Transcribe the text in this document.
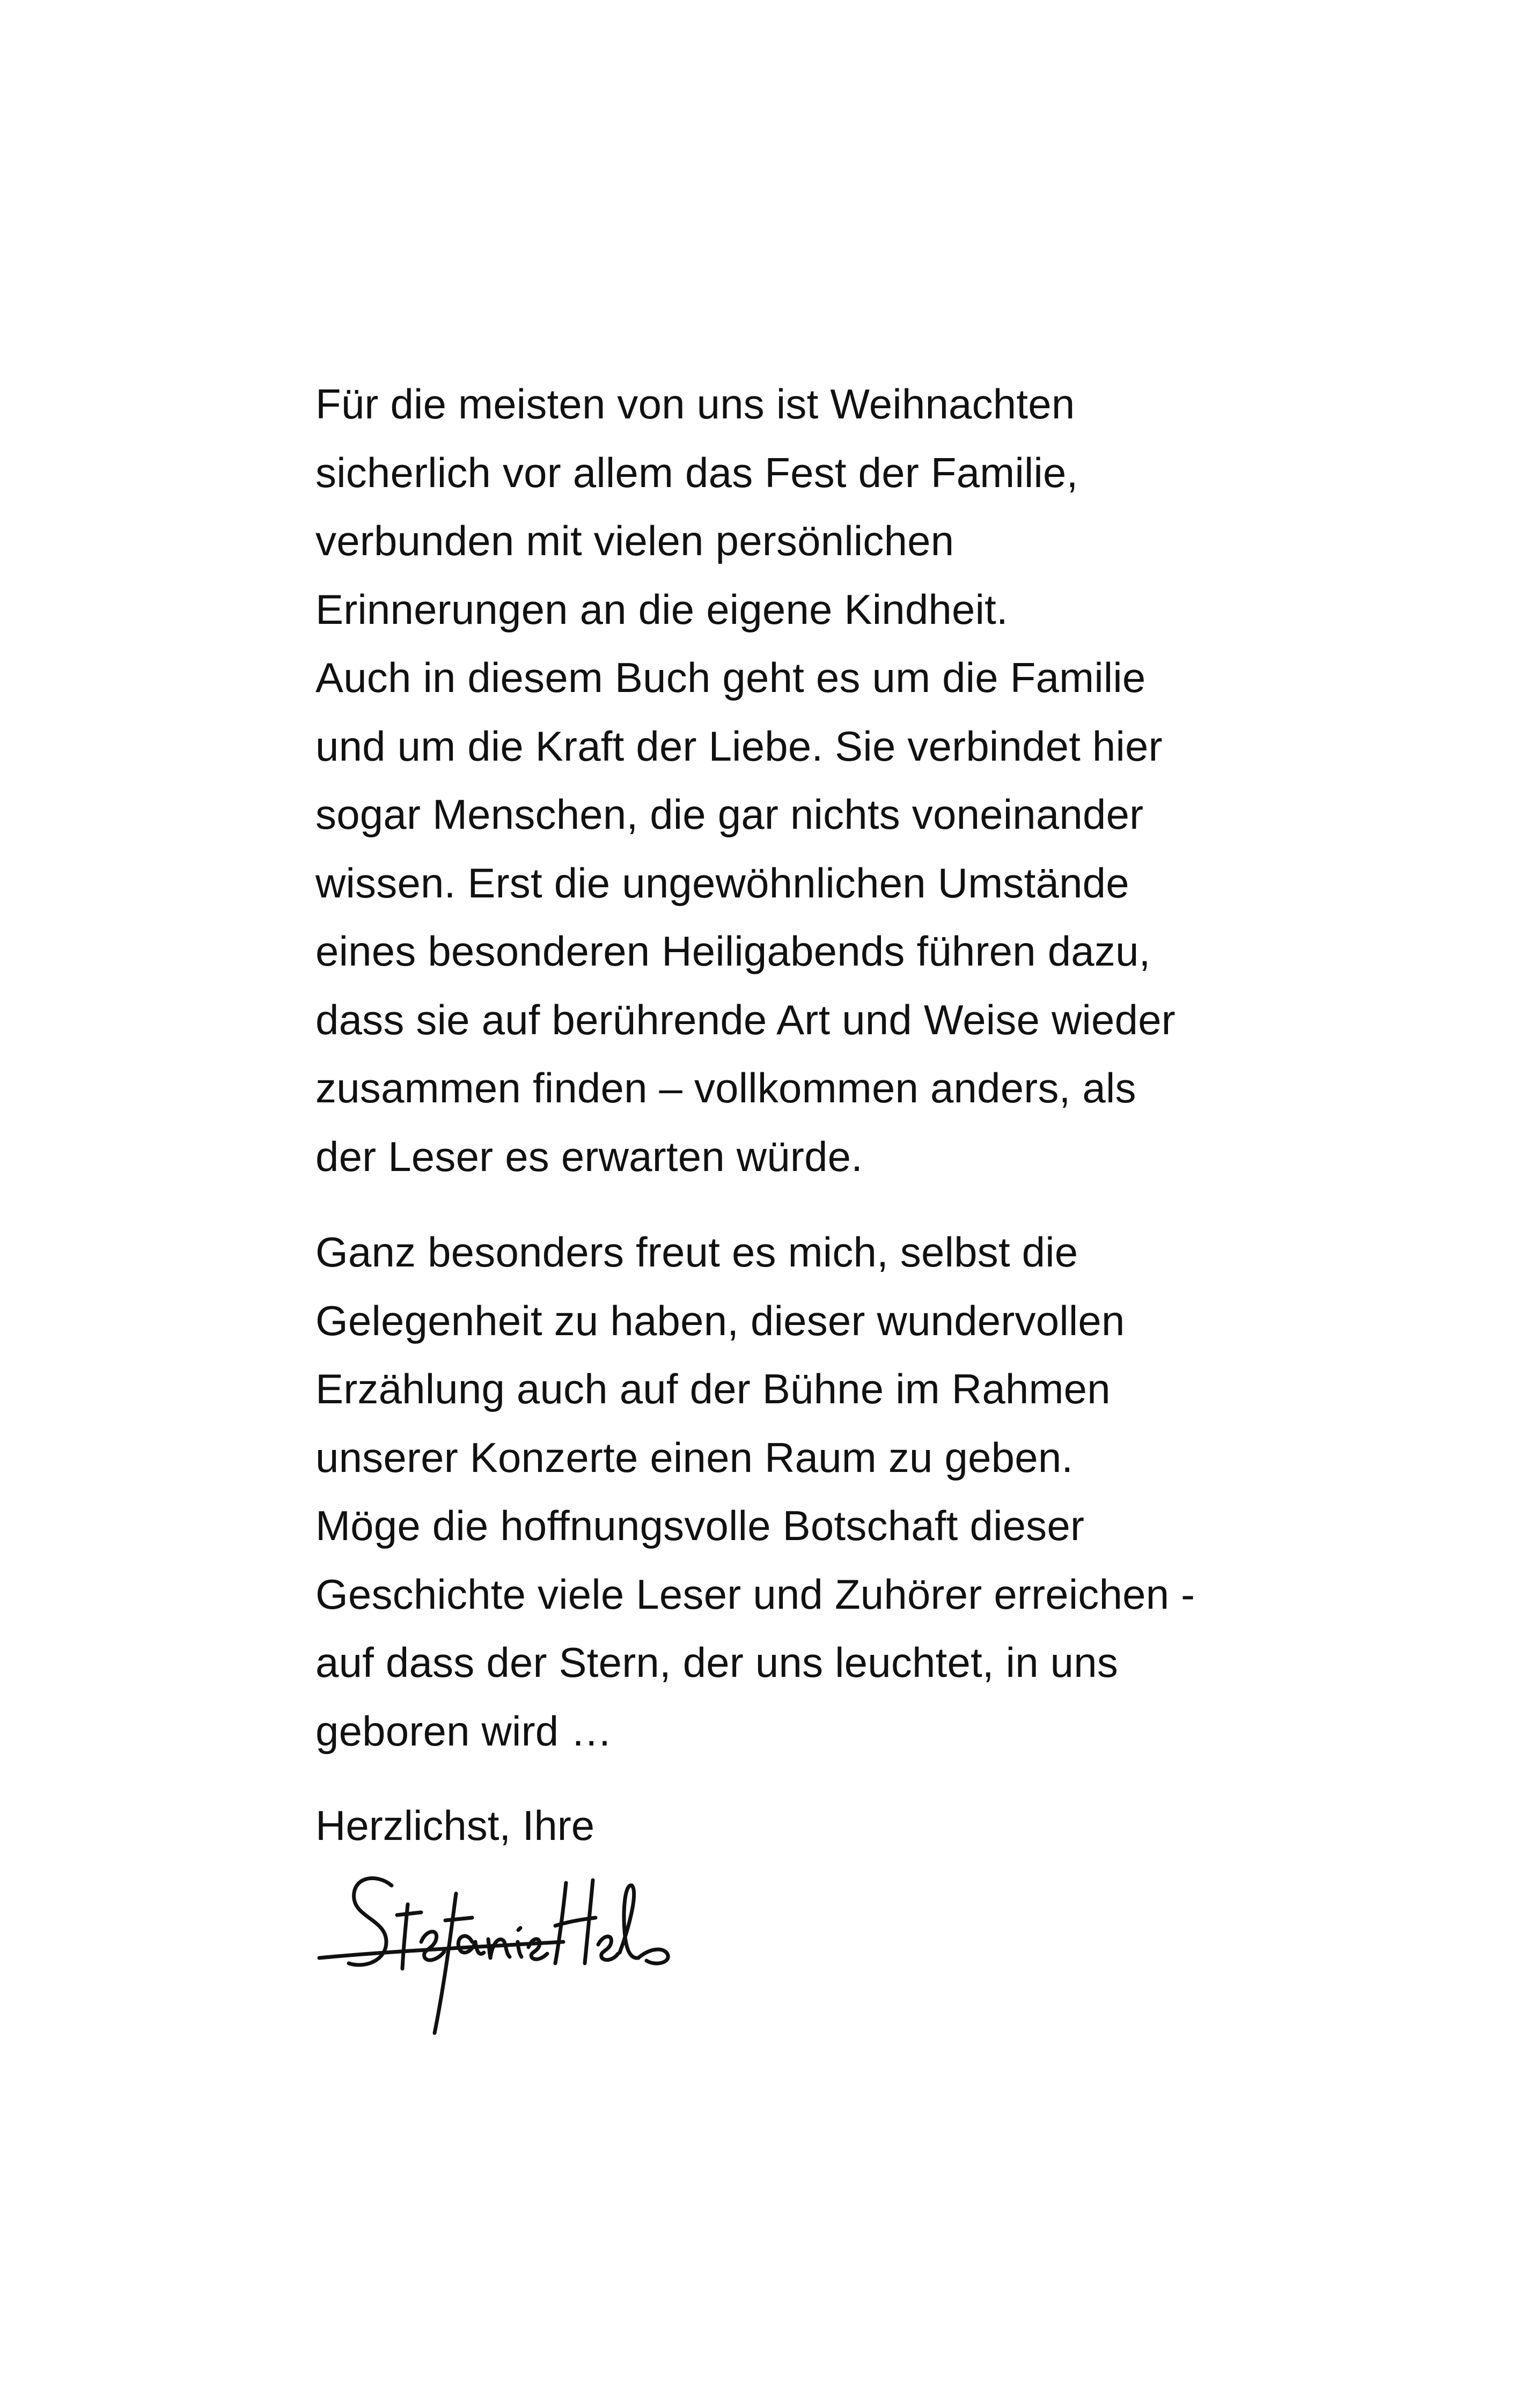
Für die meisten von uns ist Weihnachten
sicherlich vor allem das Fest der Familie,
verbunden mit vielen persönlichen
Erinnerungen an die eigene Kindheit.
Auch in diesem Buch geht es um die Familie
und um die Kraft der Liebe. Sie verbindet hier
sogar Menschen, die gar nichts voneinander
wissen. Erst die ungewöhnlichen Umstände
eines besonderen Heiligabends führen dazu,
dass sie auf berührende Art und Weise wieder
zusammen finden – vollkommen anders, als
der Leser es erwarten würde.
Ganz besonders freut es mich, selbst die
Gelegenheit zu haben, dieser wundervollen
Erzählung auch auf der Bühne im Rahmen
unserer Konzerte einen Raum zu geben.
Möge die hoffnungsvolle Botschaft dieser
Geschichte viele Leser und Zuhörer erreichen -
auf dass der Stern, der uns leuchtet, in uns
geboren wird …
Herzlichst, Ihre
